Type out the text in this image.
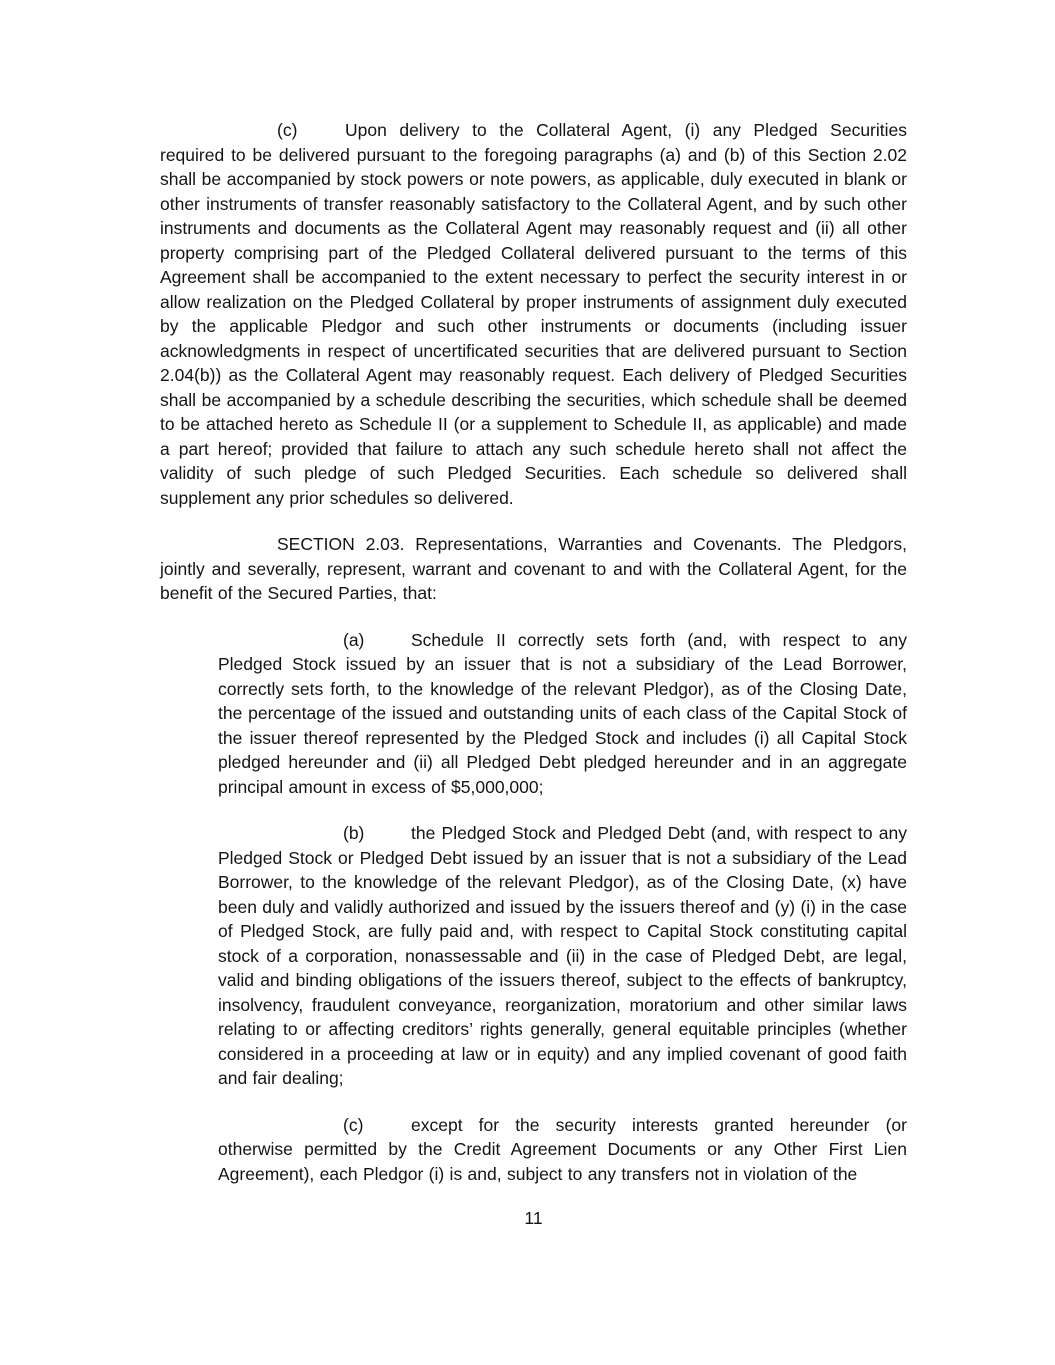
(c)	Upon delivery to the Collateral Agent, (i) any Pledged Securities required to be delivered pursuant to the foregoing paragraphs (a) and (b) of this Section 2.02 shall be accompanied by stock powers or note powers, as applicable, duly executed in blank or other instruments of transfer reasonably satisfactory to the Collateral Agent, and by such other instruments and documents as the Collateral Agent may reasonably request and (ii) all other property comprising part of the Pledged Collateral delivered pursuant to the terms of this Agreement shall be accompanied to the extent necessary to perfect the security interest in or allow realization on the Pledged Collateral by proper instruments of assignment duly executed by the applicable Pledgor and such other instruments or documents (including issuer acknowledgments in respect of uncertificated securities that are delivered pursuant to Section 2.04(b)) as the Collateral Agent may reasonably request. Each delivery of Pledged Securities shall be accompanied by a schedule describing the securities, which schedule shall be deemed to be attached hereto as Schedule II (or a supplement to Schedule II, as applicable) and made a part hereof; provided that failure to attach any such schedule hereto shall not affect the validity of such pledge of such Pledged Securities. Each schedule so delivered shall supplement any prior schedules so delivered.
SECTION 2.03. Representations, Warranties and Covenants. The Pledgors, jointly and severally, represent, warrant and covenant to and with the Collateral Agent, for the benefit of the Secured Parties, that:
(a)	Schedule II correctly sets forth (and, with respect to any Pledged Stock issued by an issuer that is not a subsidiary of the Lead Borrower, correctly sets forth, to the knowledge of the relevant Pledgor), as of the Closing Date, the percentage of the issued and outstanding units of each class of the Capital Stock of the issuer thereof represented by the Pledged Stock and includes (i) all Capital Stock pledged hereunder and (ii) all Pledged Debt pledged hereunder and in an aggregate principal amount in excess of $5,000,000;
(b)	the Pledged Stock and Pledged Debt (and, with respect to any Pledged Stock or Pledged Debt issued by an issuer that is not a subsidiary of the Lead Borrower, to the knowledge of the relevant Pledgor), as of the Closing Date, (x) have been duly and validly authorized and issued by the issuers thereof and (y) (i) in the case of Pledged Stock, are fully paid and, with respect to Capital Stock constituting capital stock of a corporation, nonassessable and (ii) in the case of Pledged Debt, are legal, valid and binding obligations of the issuers thereof, subject to the effects of bankruptcy, insolvency, fraudulent conveyance, reorganization, moratorium and other similar laws relating to or affecting creditors’ rights generally, general equitable principles (whether considered in a proceeding at law or in equity) and any implied covenant of good faith and fair dealing;
(c)	except for the security interests granted hereunder (or otherwise permitted by the Credit Agreement Documents or any Other First Lien Agreement), each Pledgor (i) is and, subject to any transfers not in violation of the
11
